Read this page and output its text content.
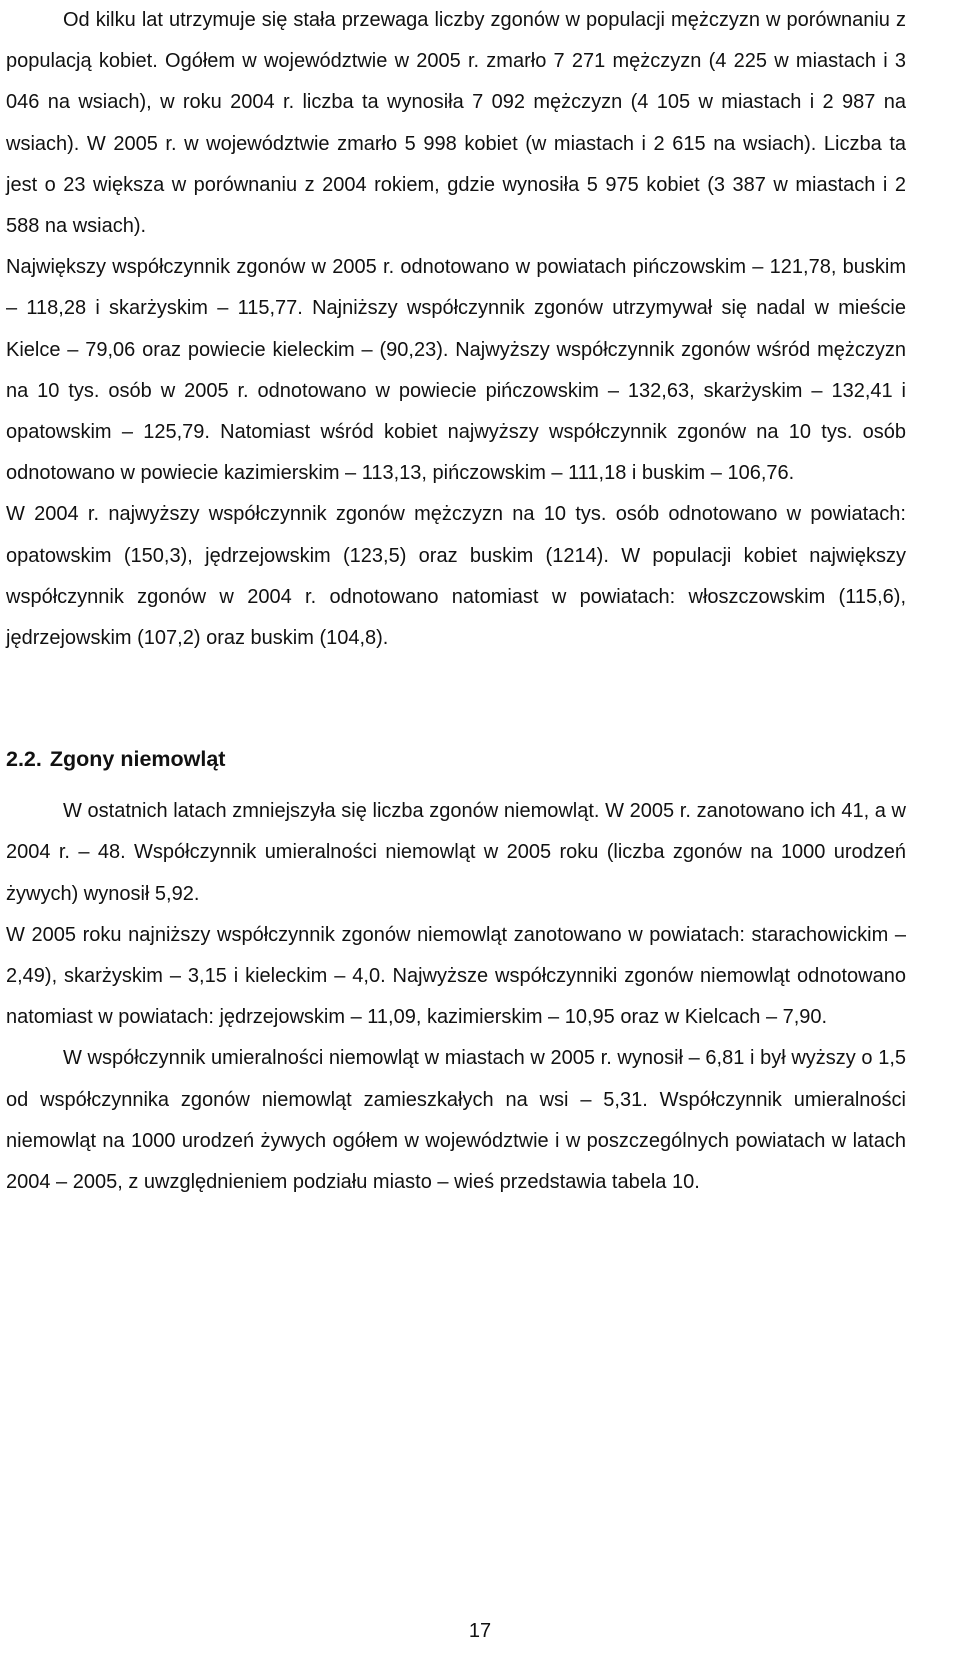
Od kilku lat utrzymuje się stała przewaga liczby zgonów w populacji mężczyzn w porównaniu z populacją kobiet. Ogółem w województwie w 2005 r. zmarło 7 271 mężczyzn (4 225 w miastach i 3 046 na wsiach), w roku 2004 r. liczba ta wynosiła 7 092 mężczyzn (4 105 w miastach i 2 987 na wsiach). W 2005 r. w województwie zmarło 5 998 kobiet (w miastach i 2 615 na wsiach). Liczba ta jest o 23 większa w porównaniu z 2004 rokiem, gdzie wynosiła 5 975 kobiet (3 387 w miastach i 2 588 na wsiach).

Największy współczynnik zgonów w 2005 r. odnotowano w powiatach pińczowskim – 121,78, buskim – 118,28 i skarżyskim – 115,77. Najniższy współczynnik zgonów utrzymywał się nadal w mieście Kielce – 79,06 oraz powiecie kieleckim – (90,23). Najwyższy współczynnik zgonów wśród mężczyzn na 10 tys. osób w 2005 r. odnotowano w powiecie pińczowskim – 132,63, skarżyskim – 132,41 i opatowskim – 125,79. Natomiast wśród kobiet najwyższy współczynnik zgonów na 10 tys. osób odnotowano w powiecie kazimierskim – 113,13, pińczowskim – 111,18 i buskim – 106,76.

W 2004 r. najwyższy współczynnik zgonów mężczyzn na 10 tys. osób odnotowano w powiatach: opatowskim (150,3), jędrzejowskim (123,5) oraz buskim (1214). W populacji kobiet największy współczynnik zgonów w 2004 r. odnotowano natomiast w powiatach: włoszczowskim (115,6), jędrzejowskim (107,2) oraz buskim (104,8).

2.2. Zgony niemowląt

W ostatnich latach zmniejszyła się liczba zgonów niemowląt. W 2005 r. zanotowano ich 41, a w 2004 r. – 48. Współczynnik umieralności niemowląt w 2005 roku (liczba zgonów na 1000 urodzeń żywych) wynosił 5,92.

W 2005 roku najniższy współczynnik zgonów niemowląt zanotowano w powiatach: starachowickim – 2,49), skarżyskim – 3,15 i kieleckim – 4,0. Najwyższe współczynniki zgonów niemowląt odnotowano natomiast w powiatach: jędrzejowskim – 11,09, kazimierskim – 10,95 oraz w Kielcach – 7,90.

W współczynnik umieralności niemowląt w miastach w 2005 r. wynosił – 6,81 i był wyższy o 1,5 od współczynnika zgonów niemowląt zamieszkałych na wsi – 5,31. Współczynnik umieralności niemowląt na 1000 urodzeń żywych ogółem w województwie i w poszczególnych powiatach w latach 2004 – 2005, z uwzględnieniem podziału miasto – wieś przedstawia tabela 10.

17
